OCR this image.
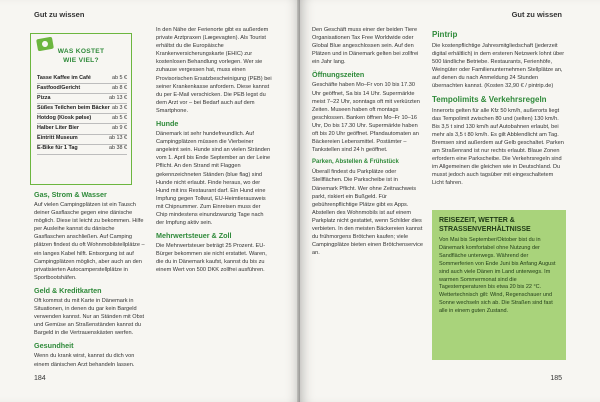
Gut zu wissen
WAS KOSTET
WIE VIEL?
Tasse Kaffee im Café	ab 5 €
Fastfood/Gericht	ab 8 €
Pizza	ab 13 €
Süßes Teilchen beim Bäcker ab 3 €
Hotdog (Kiosk pølse)	ab 5 €
Halber Liter Bier	ab 9 €
Eintritt Museum	ab 13 €
E-Bike für 1 Tag	ab 38 €
Gas, Strom & Wasser

Auf vielen Campingplätzen ist ein Tausch deiner Gasflasche gegen eine dänische möglich. Diese ist leicht zu bekommen. Hilfe per Ausleihe kannst du dänische Gasflaschen anschließen. Auf Camping plätzen findest du oft Wohnmobilstellplätze – ein langes Kabel hilft. Entsorgung ist auf Campingplätzen möglich, aber auch an den privatisierten Autocamperstellplätze in Sportbootshäfen.

Geld & Kreditkarten

Oft kommst du mit Karte in Dänemark in Situationen, in denen du gar kein Bargeld verwenden kannst. Nur an Ständen mit Obst und Gemüse an Straßenständen kannst du Bargeld in die Vertrauenskästen werfen.

Gesundheit

Wenn du krank wirst, kannst du dich von einem dänischen Arzt behandeln lassen.

In den Nähe der Ferienorte gibt es außerdem private Arztpraxen (Lægevagten). Als Tourist erhältst du die Europäische Krankenversicherungskarte (EHIC) zur kostenlosen Behandlung vorlegen. Wer sie zuhause vergessen hat, muss einen Provisorischen Ersatzbescheinigung (PEB) bei seiner Krankenkasse anfordern. Diese kannst du per E-Mail verschicken. Die PEB legst du dem Arzt vor – bei Bedarf auch auf dem Smartphone.

Hunde

Dänemark ist sehr hundefreundlich. Auf Campingplätzen müssen die Vierbeiner angeleint sein. Hunde sind an vielen Stränden vom 1. April bis Ende September an der Leine Pflicht. An den Strand mit Flaggen gekennzeichneten Ständen (blue flag) sind Hunde nicht erlaubt. Finde heraus, wo der Hund mit ins Restaurant darf. Ein Hund eine Impfung gegen Tollwut, EU-Heimtierausweis mit Chipnummer. Zum Einreisen muss der Chip mindestens einundzwanzig Tage nach der Impfung aktiv sein.

Mehrwertsteuer & Zoll

Die Mehrwertsteuer beträgt 25 Prozent. EU-Bürger bekommen sie nicht erstattet. Waren, die du in Dänemark kaufst, kannst du bis zu einem Wert von 500 DKK zollfrei ausführen.

184
Gut zu wissen

Den Geschäft muss einer der beiden Tiere Organisationen Tax Free Worldwide oder Global Blue angeschlossen sein. Auf den Plätzen und in Dänemark gelten bei zollfrei ein Jahr lang.

Öffnungszeiten

Geschäfte haben Mo–Fr von 10 bis 17.30 Uhr geöffnet, Sa bis 14 Uhr. Supermärkte meist 7–22 Uhr, sonntags oft mit verkürzten Zeiten. Museen haben oft montags geschlossen. Banken öffnen Mo–Fr 10–16 Uhr, Do bis 17.30 Uhr. Supermärkte haben oft bis 20 Uhr geöffnet. Pfandautomaten an Bäckereien Lebensmittel. Postämter – Tankstellen sind 24 h geöffnet.

Parken, Abstellen & Frühstück

Überall findest du Parkplätze oder Stellflächen. Die Parkscheibe ist in Dänemark Pflicht. Wer ohne Zeitnachweis parkt, riskiert ein Bußgeld. Für gebührenpflichtige Plätze gibt es Apps. Abstellen des Wohnmobils ist auf einem Parkplatz nicht gestattet, wenn Schilder dies verbieten. In den meisten Bäckereien kannst du frühmorgens Brötchen kaufen; viele Campingplätze bieten einen Brötchenservice an.

Pintrip

Die kostenpflichtige Jahresmitgliedschaft (jederzeit digital erhältlich) in dem ersteren Netzwerk lohnt über 500 ländliche Betriebe. Restaurants, Ferienhöfe, Weingüter oder Familienunternehmen Stellplätze an, auf denen du nach Anmeldung 24 Stunden übernachten kannst. (Kosten 32,90 € / pintrip.de)

Tempolimits & Verkehrsregeln

Innerorts gelten für alle Kfz 50 km/h, außerorts liegt das Tempolimit zwischen 80 und (selten) 130 km/h. Bis 3,5 t sind 130 km/h auf Autobahnen erlaubt, bei mehr als 3,5 t 80 km/h. Es gilt Abblendlicht am Tag. Bremsen sind außerdem auf Gelb geschaltet. Parken am Straßenrand ist nur rechts erlaubt. Blaue Zonen erfordern eine Parkscheibe. Die Verkehrsregeln sind im Allgemeinen die gleichen wie in Deutschland. Du musst jedoch auch tagsüber mit eingeschaltetem Licht fahren.

185
REISEZEIT, WETTER & STRASSENVERHÄLTNISSE
Von Mai bis September/Oktober bist du in Dänemark komfortabel ohne Nutzung der Sandfläche unterwegs. Während der Sommerferien von Ende Juni bis Anfang August sind auch viele Dänen im Land unterwegs. Im warmen Sommermonat sind die Tagestemperaturen bis etwa 20 bis 22 °C. Wettertechnisch gilt: Wind, Regenschauer und Sonne wechseln sich ab. Die Straßen sind fast alle in einem guten Zustand.
